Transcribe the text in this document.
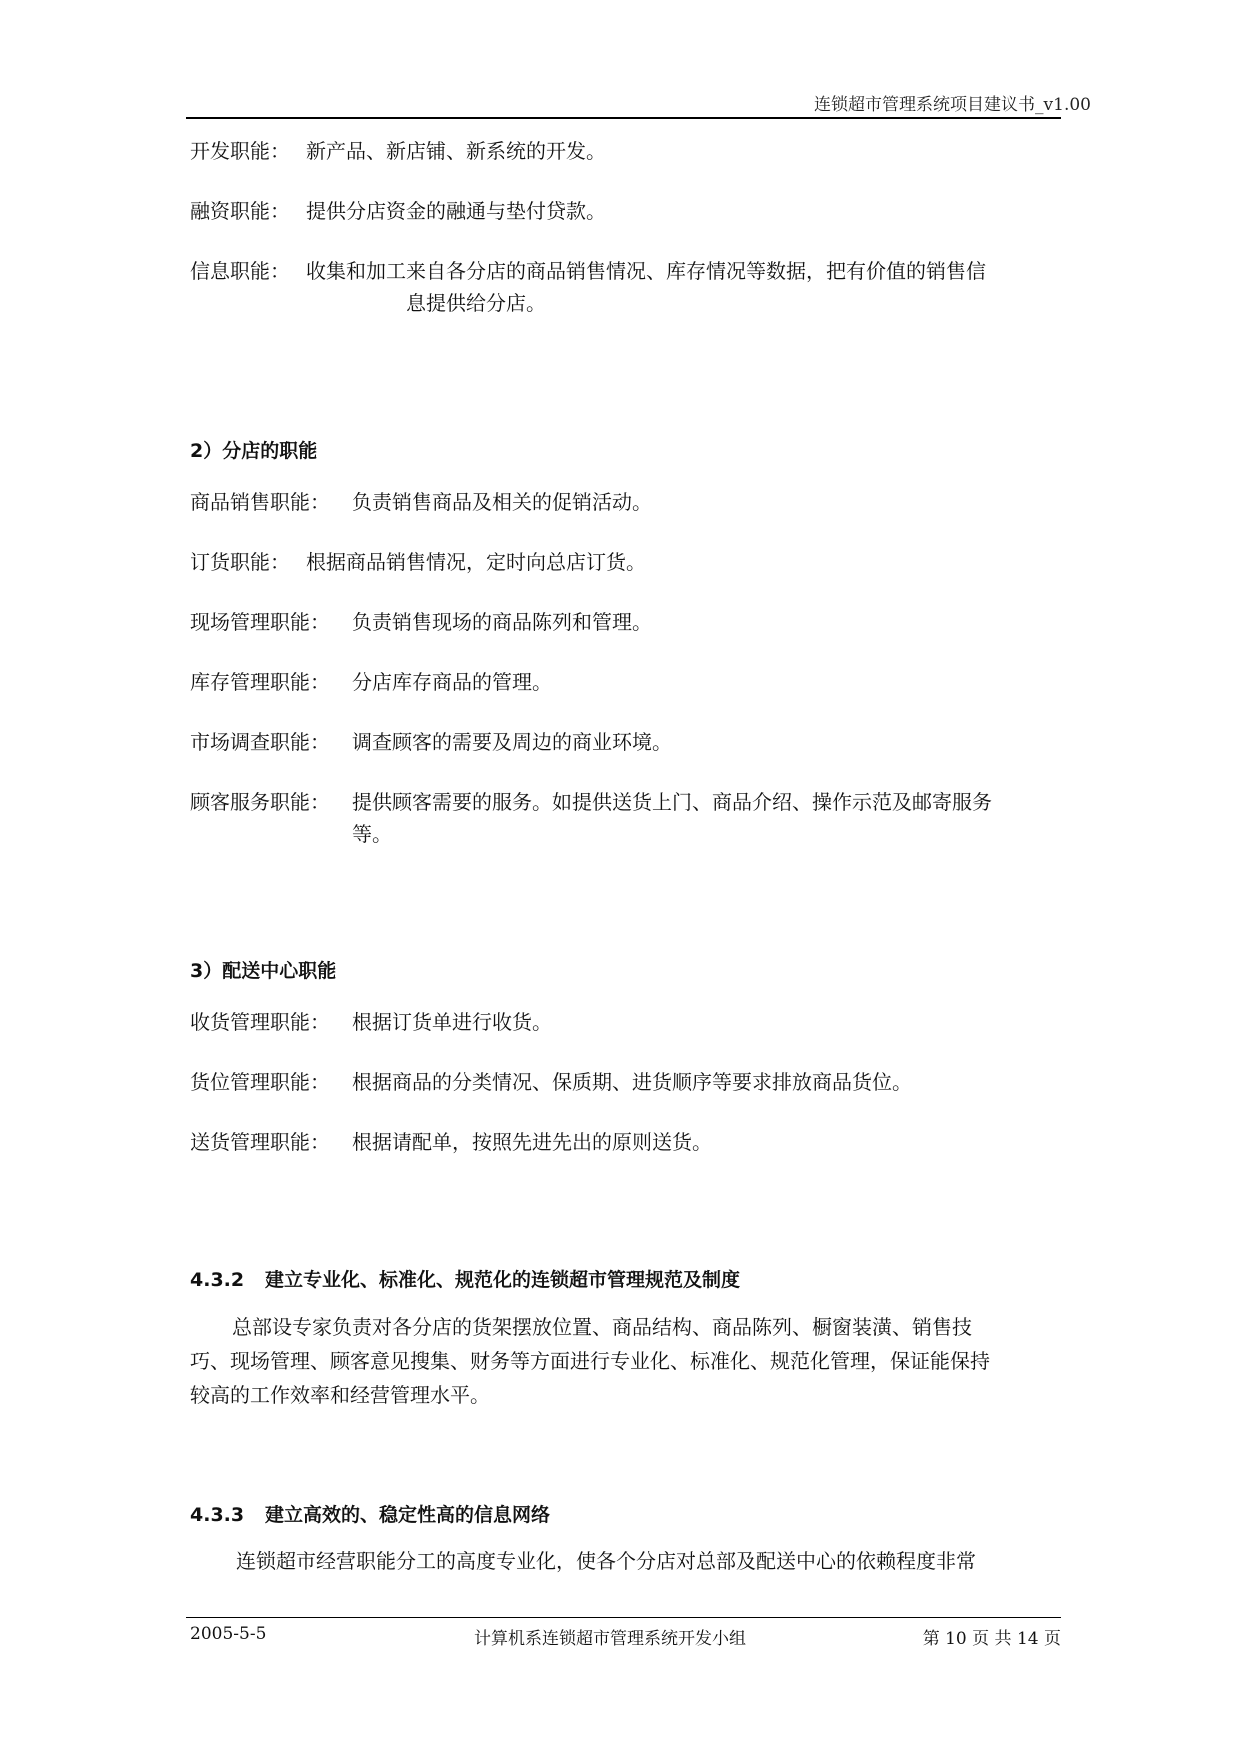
连锁超市管理系统项目建议书_v1.00
开发职能： 新产品、新店铺、新系统的开发。
融资职能： 提供分店资金的融通与垫付贷款。
信息职能： 收集和加工来自各分店的商品销售情况、库存情况等数据，把有价值的销售信
息提供给分店。
2）分店的职能
商品销售职能： 负责销售商品及相关的促销活动。
订货职能： 根据商品销售情况，定时向总店订货。
现场管理职能： 负责销售现场的商品陈列和管理。
库存管理职能： 分店库存商品的管理。
市场调查职能： 调查顾客的需要及周边的商业环境。
顾客服务职能： 提供顾客需要的服务。如提供送货上门、商品介绍、操作示范及邮寄服务
等。
3）配送中心职能
收货管理职能： 根据订货单进行收货。
货位管理职能： 根据商品的分类情况、保质期、进货顺序等要求排放商品货位。
送货管理职能： 根据请配单，按照先进先出的原则送货。
4.3.2 建立专业化、标准化、规范化的连锁超市管理规范及制度
总部设专家负责对各分店的货架摆放位置、商品结构、商品陈列、橱窗装潢、销售技
巧、现场管理、顾客意见搜集、财务等方面进行专业化、标准化、规范化管理，保证能保持
较高的工作效率和经营管理水平。
4.3.3 建立高效的、稳定性高的信息网络
连锁超市经营职能分工的高度专业化，使各个分店对总部及配送中心的依赖程度非常
2005-5-5	计算机系连锁超市管理系统开发小组	第 10 页 共 14 页
